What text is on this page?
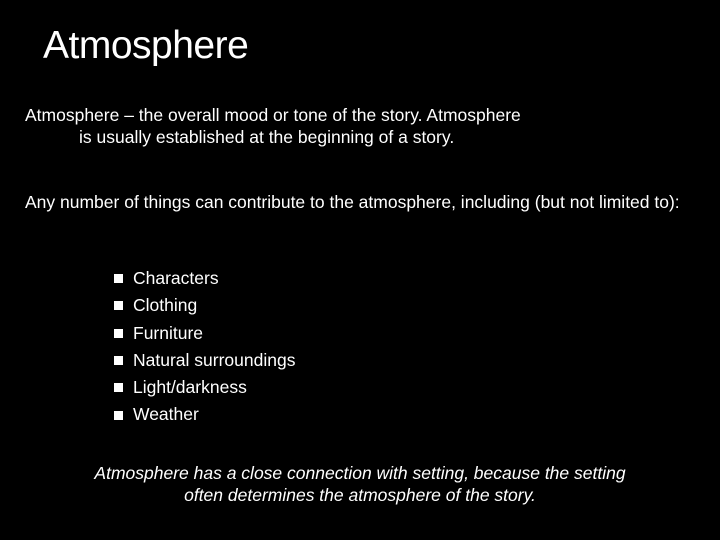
Atmosphere
Atmosphere – the overall mood or tone of the story. Atmosphere
is usually established at the beginning of a story.
Any number of things can contribute to the atmosphere, including (but not limited to):
Characters
Clothing
Furniture
Natural surroundings
Light/darkness
Weather
Atmosphere has a close connection with setting, because the setting
often determines the atmosphere of the story.
